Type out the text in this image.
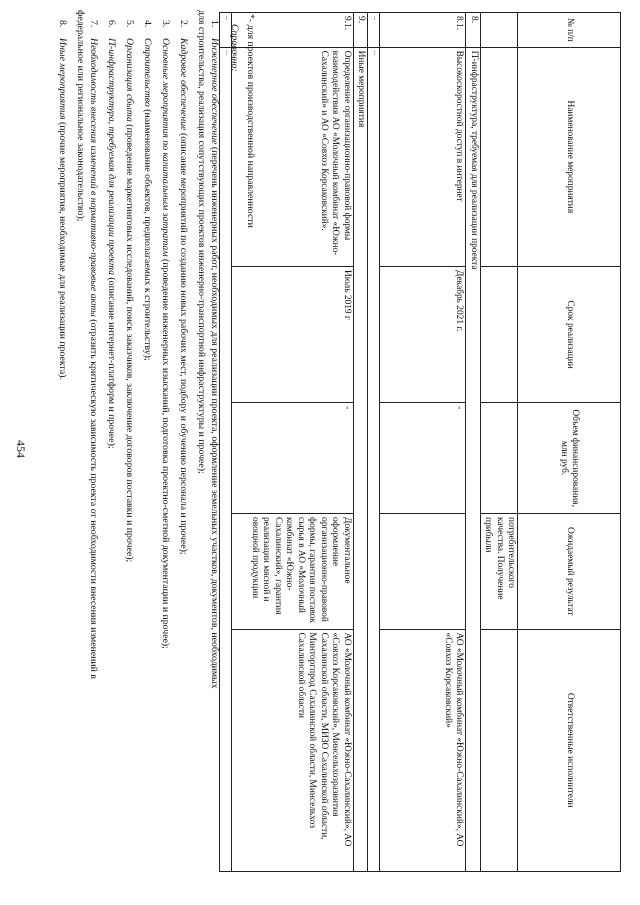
№ п/п	Наименование мероприятия	Срок реализации	Объем финансирования, млн руб.	Ожидаемый результат	Ответственные исполнители
				потребительского качества. Получение прибыли	
8.	IT-инфраструктура, требуемая для реализации проекта				
8.1.	Высокоскоростной доступ в интернет	Декабрь 2021 г.	-		АО «Молочный комбинат «Южно-Сахалинский», АО «Совхоз Корсаковский»
...	...				
9.	Иные мероприятия				
9.1.	Определение организационно-правовой формы взаимодействия АО «Молочный комбинат «Южно-Сахалинский» и АО «Совхоз Корсаковский».	Июль 2019 г	-	Документальное оформление организационно-правовой формы, гарантия поставок сырья в АО «Молочный комбинат «Южно-Сахалинский», гарантия реализации мясной и овощной продукции	АО «Молочный комбинат «Южно-Сахалинский», АО «Совхоз Корсаковский», Минсельхозразвития Сахалинской области, МИЗО Сахалинской области, Минторгпрод Сахалинской области, Минсельхоз Сахалинской области
...	...				*- для проектов производственной направленности
Справочно:
1.Инженерное обеспечение (перечень инженерных работ, необходимых для реализации проекта, оформление земельных участков, документов, необходимых
для строительства, реализация сопутствующих проектов инженерно-транспортной инфраструктуры и прочее);
2.Кадровое обеспечение (описание мероприятий по созданию новых рабочих мест, подбору и обучению персонала и прочее);
3.Основные мероприятия по капитальным затратам (проведение инженерных изысканий, подготовка проектно-сметной документации и прочее);
4.Строительство (наименование объектов, предполагаемых к строительству);
5.Организация сбыта (проведение маркетинговых исследований, поиск заказчиков, заключение договоров поставки и прочее);
6.IT-инфраструктура, требуемая для реализации проекта (описание интернет-платформ и прочее);
7.Необходимость внесения изменений в нормативно-правовые акты (отразить критическую зависимость проекта от необходимости внесения изменений в
федеральное или региональное законодательство);
8.Иные мероприятия (прочие мероприятия, необходимые для реализации проекта).
454
